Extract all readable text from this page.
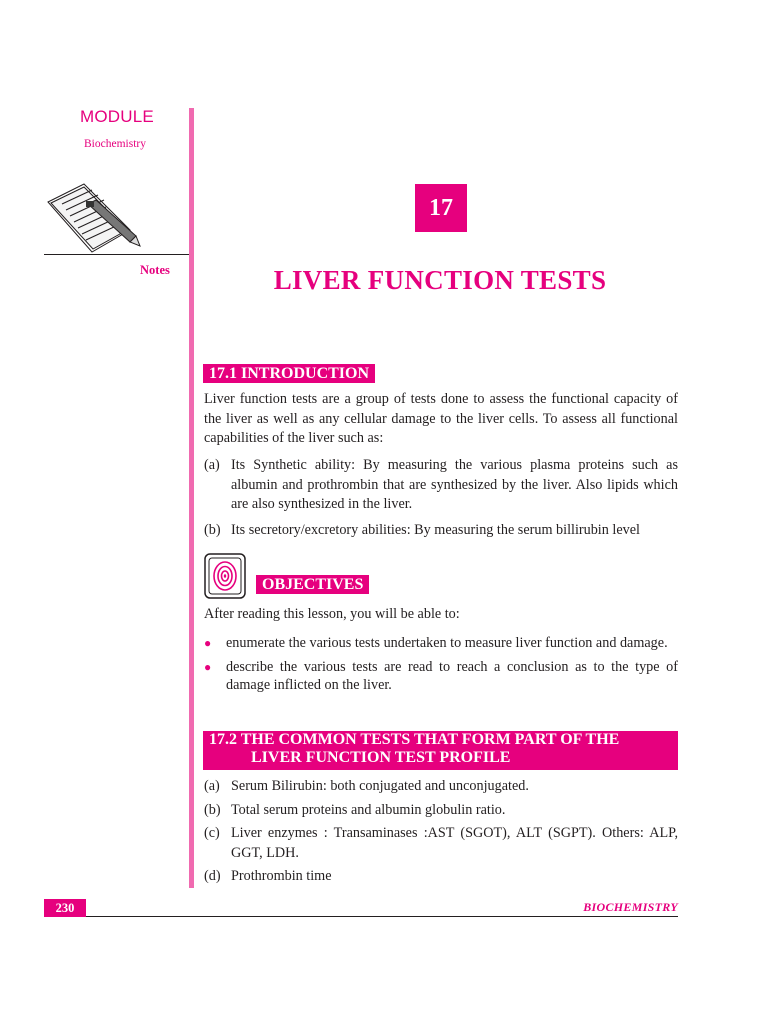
MODULE
Biochemistry
Notes
17
LIVER FUNCTION TESTS
17.1 INTRODUCTION
Liver function tests are a group of tests done to assess the functional capacity of the liver as well as any cellular damage to the liver cells. To assess all functional capabilities of the liver such as:
(a) Its Synthetic ability: By measuring the various plasma proteins such as albumin and prothrombin that are synthesized by the liver. Also lipids which are also synthesized in the liver.
(b) Its secretory/excretory abilities: By measuring the serum billirubin level
OBJECTIVES
After reading this lesson, you will be able to:
●	enumerate the various tests undertaken to measure liver function and damage.
●	describe the various tests are read to reach a conclusion as to the type of damage inflicted on the liver.
17.2 THE COMMON TESTS THAT FORM PART OF THE
LIVER FUNCTION TEST PROFILE
(a) Serum Bilirubin: both conjugated and unconjugated.
(b) Total serum proteins and albumin globulin ratio.
(c) Liver enzymes : Transaminases :AST (SGOT), ALT (SGPT). Others: ALP, GGT, LDH.
(d) Prothrombin time
230	BIOCHEMISTRY
